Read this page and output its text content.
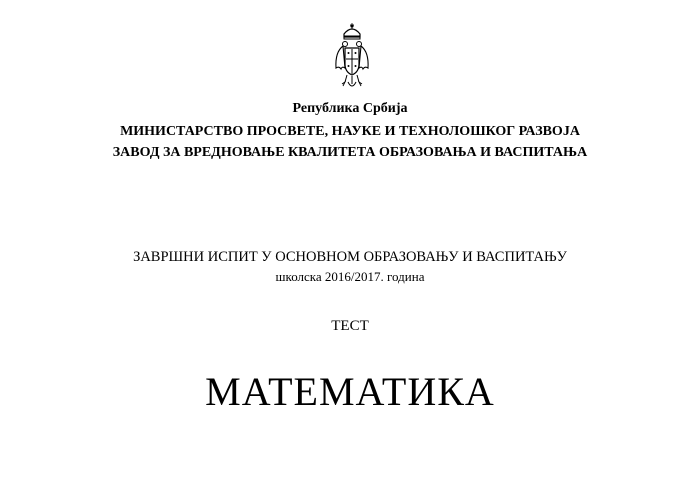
Република Србија
МИНИСТАРСТВО ПРОСВЕТЕ, НАУКЕ И ТЕХНОЛОШКОГ РАЗВОЈА
ЗАВОД ЗА ВРЕДНОВАЊЕ КВАЛИТЕТА ОБРАЗОВАЊА И ВАСПИТАЊА
ЗАВРШНИ ИСПИТ У ОСНОВНОМ ОБРАЗОВАЊУ И ВАСПИТАЊУ
школска 2016/2017. година
ТЕСТ
МАТЕМАТИКА
